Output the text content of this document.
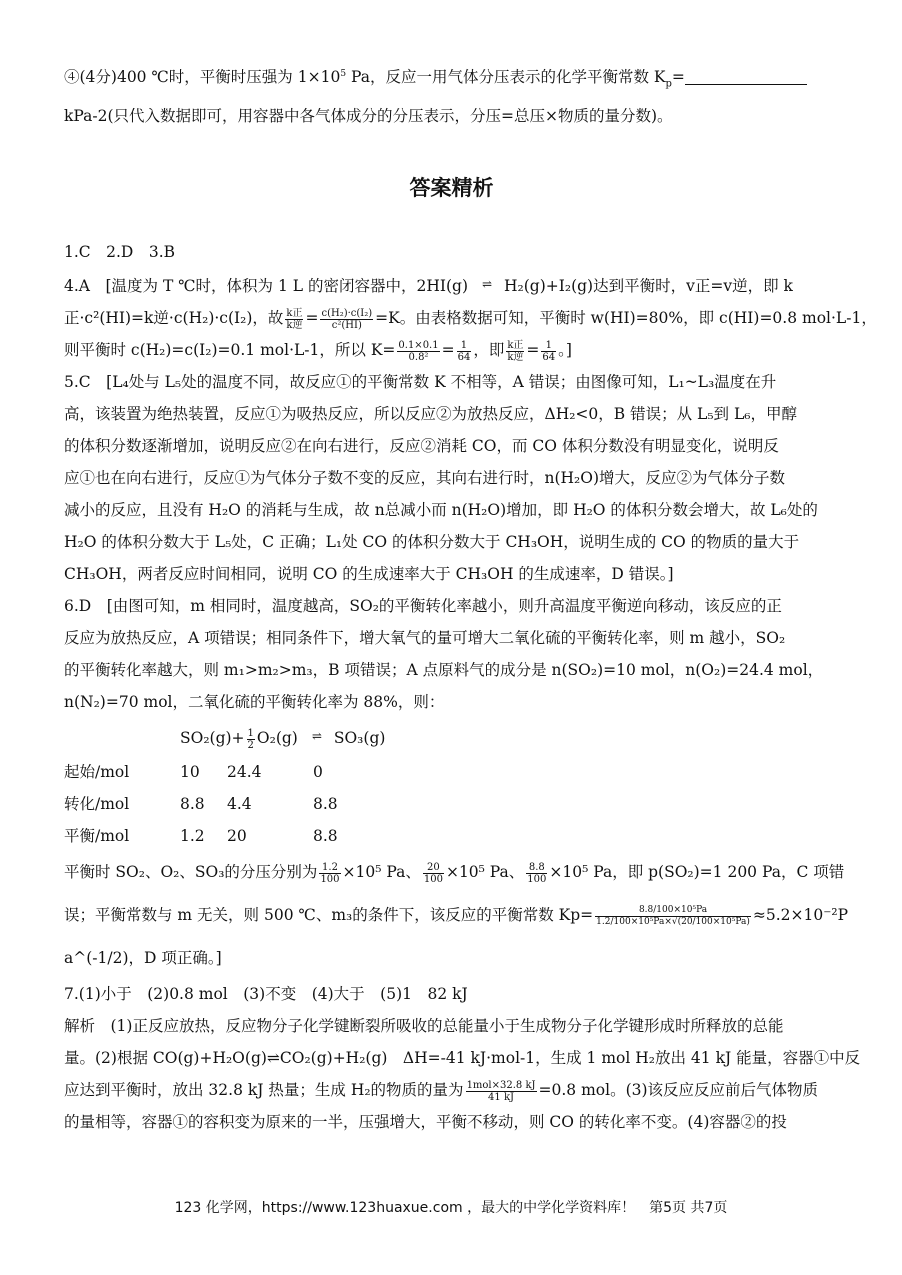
④(4分)400 ℃时，平衡时压强为 $1\times 10^5$ Pa，反应一用气体分压表示的化学平衡常数 $K_p=$

kPa-2(只代入数据即可，用容器中各气体成分的分压表示，分压=总压×物质的量分数)。

答案精析

1.C　2.D　3.B

4.A　[温度为 T ℃时，体积为 1 L 的密闭容器中，2HI(g) ⇌ H₂(g)+I₂(g)达到平衡时，v正=v逆，即 k

正·c²(HI)=k逆·c(H₂)·c(I₂)，故 $\frac{\text{k正}}{\text{k逆}} = \frac{\text{c(H₂)·c(I₂)}}{\text{c²(HI)}} =K$。由表格数据可知，平衡时 w(HI)=80%，即 c(HI)=0.8 mol·L-1，

则平衡时 c(H₂)=c(I₂)=0.1 mol·L-1，所以 $K= \frac{0.1\times 0.1}{\text{0.8²}} = \frac{1}{64}$ ，即 $\frac{\text{k正}}{\text{k逆}} = \frac{1}{64}$ 。]

5.C　[L₄处与 L₅处的温度不同，故反应①的平衡常数 K 不相等，A 错误；由图像可知，L₁~L₃温度在升

高，该装置为绝热装置，反应①为吸热反应，所以反应②为放热反应，ΔH₂<0，B 错误；从 L₅到 L₆，甲醇

的体积分数逐渐增加，说明反应②在向右进行，反应②消耗 CO，而 CO 体积分数没有明显变化，说明反

应①也在向右进行，反应①为气体分子数不变的反应，其向右进行时，n(H₂O)增大，反应②为气体分子数

减小的反应，且没有 H₂O 的消耗与生成，故 n总减小而 n(H₂O)增加，即 H₂O 的体积分数会增大，故 L₆处的

H₂O 的体积分数大于 L₅处，C 正确；L₁处 CO 的体积分数大于 CH₃OH，说明生成的 CO 的物质的量大于

CH₃OH，两者反应时间相同，说明 CO 的生成速率大于 CH₃OH 的生成速率，D 错误。]

6.D　[由图可知，m 相同时，温度越高，SO₂的平衡转化率越小，则升高温度平衡逆向移动，该反应的正

反应为放热反应，A 项错误；相同条件下，增大氧气的量可增大二氧化硫的平衡转化率，则 m 越小，SO₂

的平衡转化率越大，则 m₁>m₂>m₃，B 项错误；A 点原料气的成分是 n(SO₂)=10 mol，n(O₂)=24.4 mol，

n(N₂)=70 mol，二氧化硫的平衡转化率为 88%，则：

$SO_2(g)+ \frac{1}{2} O_2(g)$ ⇌ SO₃(g)

起始/mol	10	24.4	0
转化/mol	8.8	4.4	8.8
平衡/mol	1.2	20	8.8

平衡时 SO₂、O₂、SO₃的分压分别为 $\frac{1.2}{100} \times 10^5$ Pa、 $\frac{20}{100} \times 10^5$ Pa、 $\frac{8.8}{100} \times 10^5$ Pa，即 p(SO₂)=1 200 Pa，C 项错

误；平衡常数与 m 无关，则 500 ℃、m₃的条件下，该反应的平衡常数 $Kp= \frac{\text{8.8/100×10⁵Pa}}{\text{1.2/100×10⁵Pa×√(20/100×10⁵Pa)}} \approx 5.2\times 10^{-2}P$

a^(-1/2)，D 项正确。]

7.(1)小于　(2)0.8 mol　(3)不变　(4)大于　(5)1　82 kJ

解析　(1)正反应放热，反应物分子化学键断裂所吸收的总能量小于生成物分子化学键形成时所释放的总能

量。(2)根据 CO(g)+H₂O(g)⇌CO₂(g)+H₂(g)　ΔH=-41 kJ·mol-1，生成 1 mol H₂放出 41 kJ 能量，容器①中反

应达到平衡时，放出 32.8 kJ 热量；生成 H₂的物质的量为 $\frac{\text{1mol×32.8 kJ}}{41 kJ} =0.8$ mol。(3)该反应反应前后气体物质

的量相等，容器①的容积变为原来的一半，压强增大，平衡不移动，则 CO 的转化率不变。(4)容器②的投

123 化学网，https://www.123huaxue.com ，最大的中学化学资料库！　第5页 共7页
